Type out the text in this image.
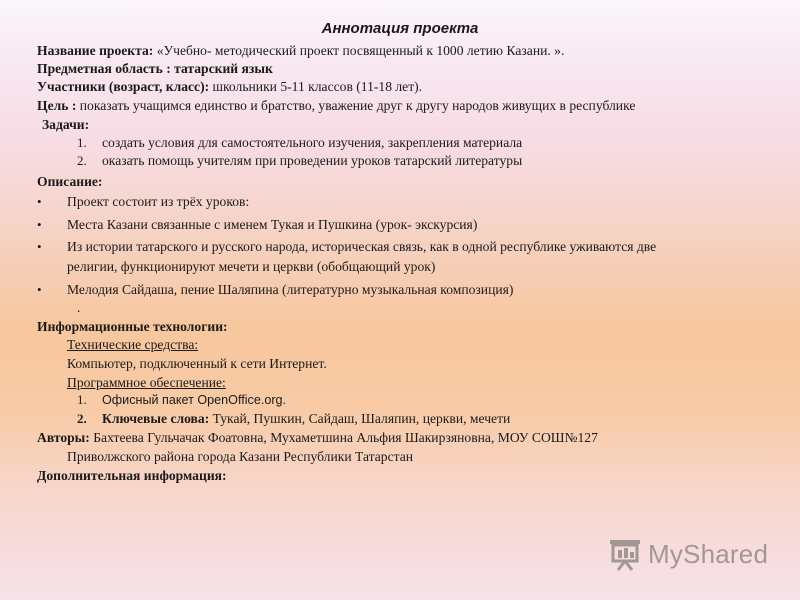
Аннотация проекта
Название проекта: «Учебно- методический проект посвященный к 1000 летию Казани. ».
Предметная область : татарский язык
Участники (возраст, класс): школьники 5-11 классов (11-18 лет).
Цель : показать учащимся единство и братство, уважение друг к другу народов живущих в республике
Задачи:
1. создать условия для самостоятельного изучения, закрепления материала
2. оказать помощь учителям при проведении уроков татарский литературы
Описание:
• Проект состоит из трёх уроков:
• Места Казани связанные с именем Тукая и Пушкина (урок- экскурсия)
• Из истории татарского и русского народа, историческая связь, как в одной республике уживаются две
религии, функционируют мечети и церкви (обобщающий урок)
• Мелодия Сайдаша, пение Шаляпина (литературно музыкальная композиция)
.
Информационные технологии:
Технические средства:
Компьютер, подключенный к сети Интернет.
Программное обеспечение:
1. Офисный пакет OpenOffice.org.
2. Ключевые слова: Тукай, Пушкин, Сайдаш, Шаляпин, церкви, мечети
Авторы: Бахтеева Гульчачак Фоатовна, Мухаметшина Альфия Шакирзяновна, МОУ СОШ№127
Приволжского района города Казани Республики Татарстан
Дополнительная информация:
MyShared
